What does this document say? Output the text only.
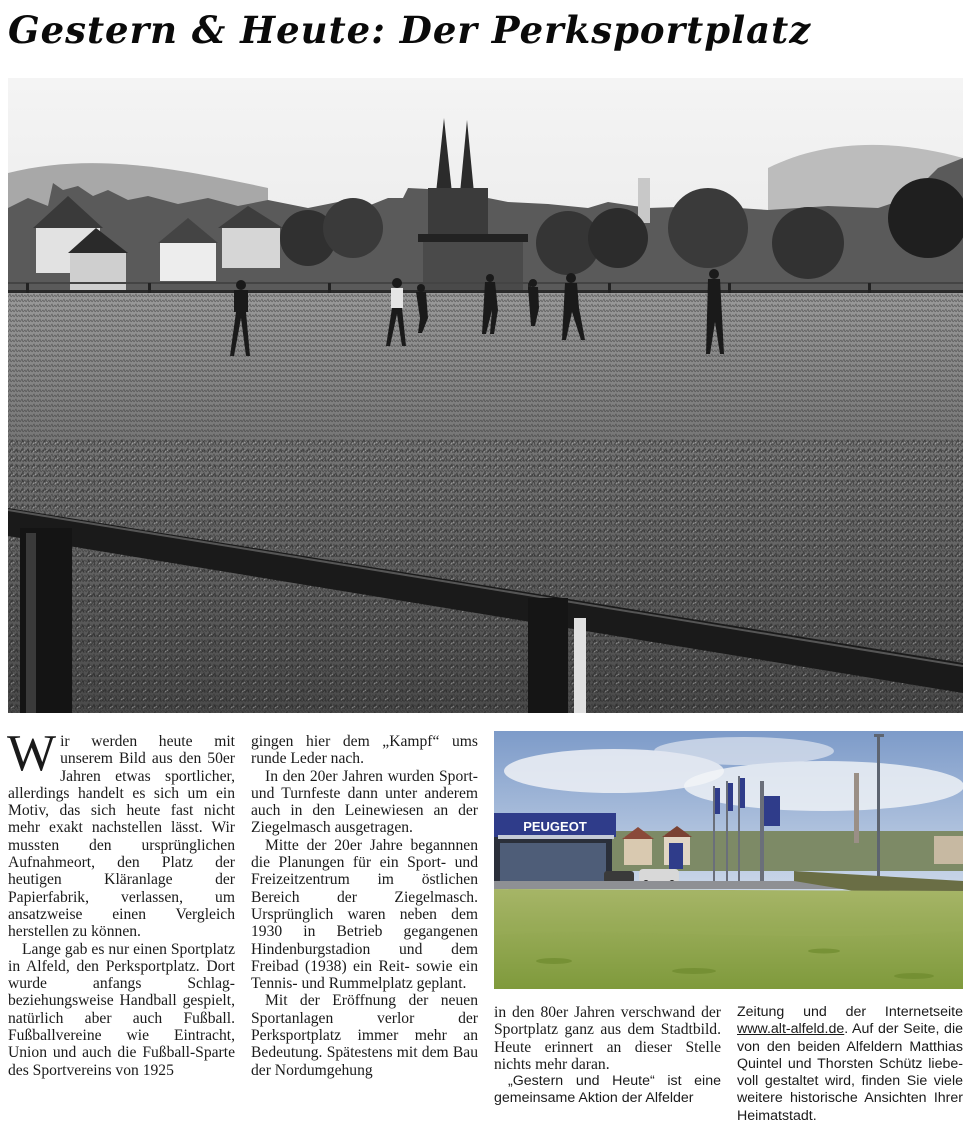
Gestern & Heute: Der Perksportplatz
PEUGEOT

Wir werden heute mit unserem Bild aus den 50er Jahren etwas sportlicher, allerdings handelt es sich um ein Motiv, das sich heute fast nicht mehr exakt nachstellen lässt. Wir mussten den ursprünglichen Aufnahmeort, den Platz der heutigen Kläranlage der Papierfabrik, verlassen, um ansatzweise einen Vergleich herstellen zu können.

Lange gab es nur einen Sportplatz in Alfeld, den Perksportplatz. Dort wurde anfangs Schlag- beziehungsweise Handball gespielt, natürlich aber auch Fußball. Fußballvereine wie Eintracht, Union und auch die Fußball-Sparte des Sportvereins von 1925

gingen hier dem „Kampf“ ums runde Leder nach.

In den 20er Jahren wurden Sport- und Turnfeste dann unter anderem auch in den Leinewiesen an der Ziegelmasch ausgetragen.

Mitte der 20er Jahre begannnen die Planungen für ein Sport- und Freizeitzentrum im östlichen Bereich der Ziegelmasch. Ursprünglich waren neben dem 1930 in Betrieb gegangenen Hindenburgstadion und dem Freibad (1938) ein Reit- sowie ein Tennis- und Rummelplatz geplant.

Mit der Eröffnung der neuen Sportanlagen verlor der Perksportplatz immer mehr an Bedeutung. Spätestens mit dem Bau der Nordumgehung

in den 80er Jahren verschwand der Sportplatz ganz aus dem Stadtbild. Heute erinnert an dieser Stelle nichts mehr daran.

„Gestern und Heute“ ist eine gemeinsame Aktion der Alfelder

Zeitung und der Internetseite www.alt-alfeld.de. Auf der Seite, die von den beiden Alfeldern Matthias Quintel und Thorsten Schütz liebevoll gestaltet wird, finden Sie viele weitere historische Ansichten Ihrer Heimatstadt.
